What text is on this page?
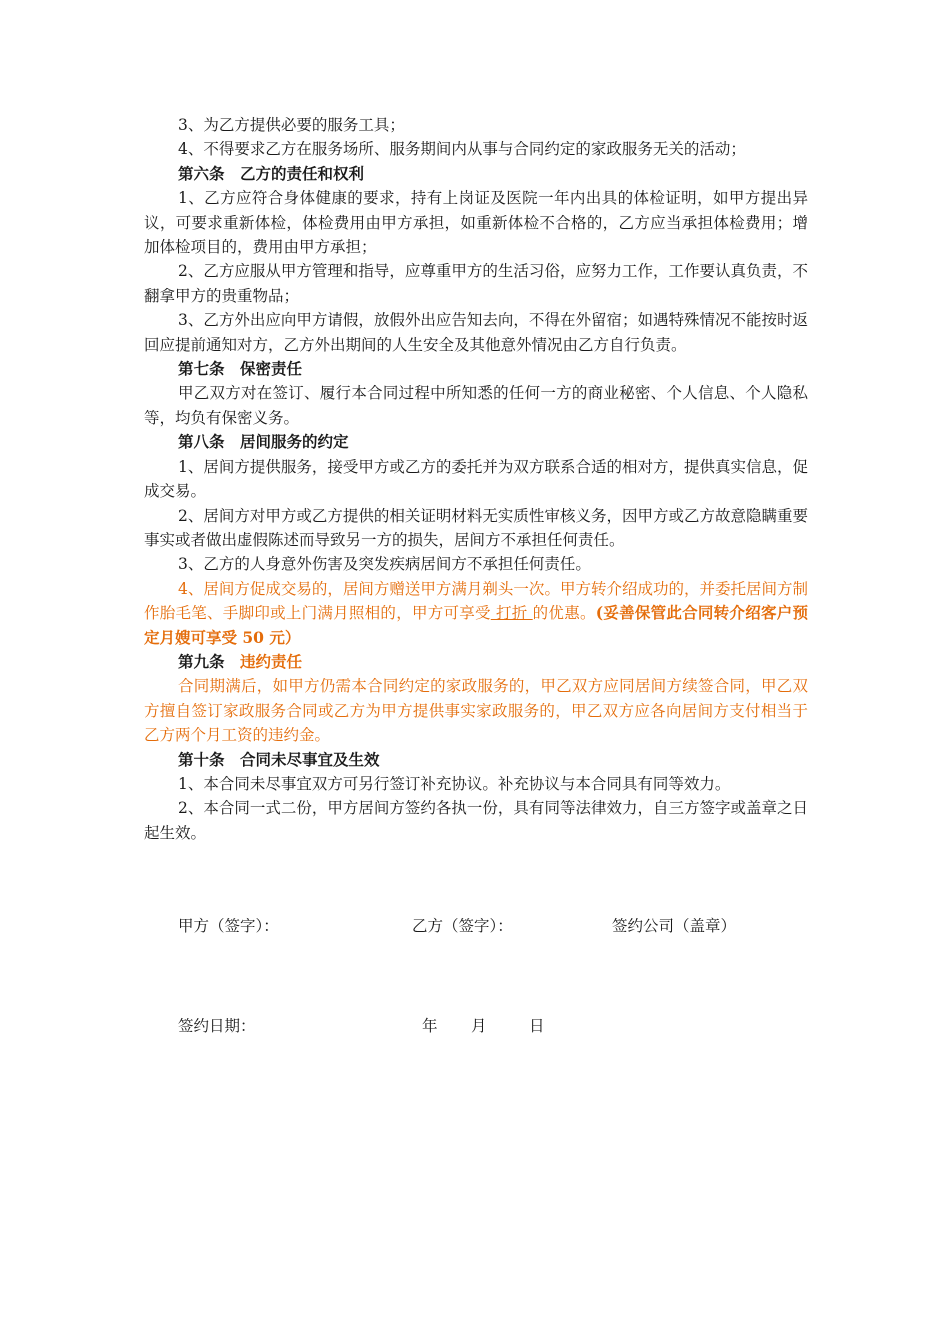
3、为乙方提供必要的服务工具；

4、不得要求乙方在服务场所、服务期间内从事与合同约定的家政服务无关的活动；

第六条　乙方的责任和权利

1、乙方应符合身体健康的要求，持有上岗证及医院一年内出具的体检证明，如甲方提出异议，可要求重新体检，体检费用由甲方承担，如重新体检不合格的，乙方应当承担体检费用；增加体检项目的，费用由甲方承担；

2、乙方应服从甲方管理和指导，应尊重甲方的生活习俗，应努力工作，工作要认真负责，不翻拿甲方的贵重物品；

3、乙方外出应向甲方请假，放假外出应告知去向，不得在外留宿；如遇特殊情况不能按时返回应提前通知对方，乙方外出期间的人生安全及其他意外情况由乙方自行负责。

第七条　保密责任

甲乙双方对在签订、履行本合同过程中所知悉的任何一方的商业秘密、个人信息、个人隐私等，均负有保密义务。

第八条　居间服务的约定

1、居间方提供服务，接受甲方或乙方的委托并为双方联系合适的相对方，提供真实信息，促成交易。

2、居间方对甲方或乙方提供的相关证明材料无实质性审核义务，因甲方或乙方故意隐瞒重要事实或者做出虚假陈述而导致另一方的损失，居间方不承担任何责任。

3、乙方的人身意外伤害及突发疾病居间方不承担任何责任。

4、居间方促成交易的，居间方赠送甲方满月剃头一次。甲方转介绍成功的，并委托居间方制作胎毛笔、手脚印或上门满月照相的，甲方可享受 打折 的优惠。(妥善保管此合同转介绍客户预定月嫂可享受 50 元）

第九条　违约责任

合同期满后，如甲方仍需本合同约定的家政服务的，甲乙双方应同居间方续签合同，甲乙双方擅自签订家政服务合同或乙方为甲方提供事实家政服务的，甲乙双方应各向居间方支付相当于乙方两个月工资的违约金。

第十条　合同未尽事宜及生效

1、本合同未尽事宜双方可另行签订补充协议。补充协议与本合同具有同等效力。

2、本合同一式二份，甲方居间方签约各执一份，具有同等法律效力，自三方签字或盖章之日起生效。

甲方（签字）：	乙方（签字）：	签约公司（盖章）
签约日期：	年 月	日
